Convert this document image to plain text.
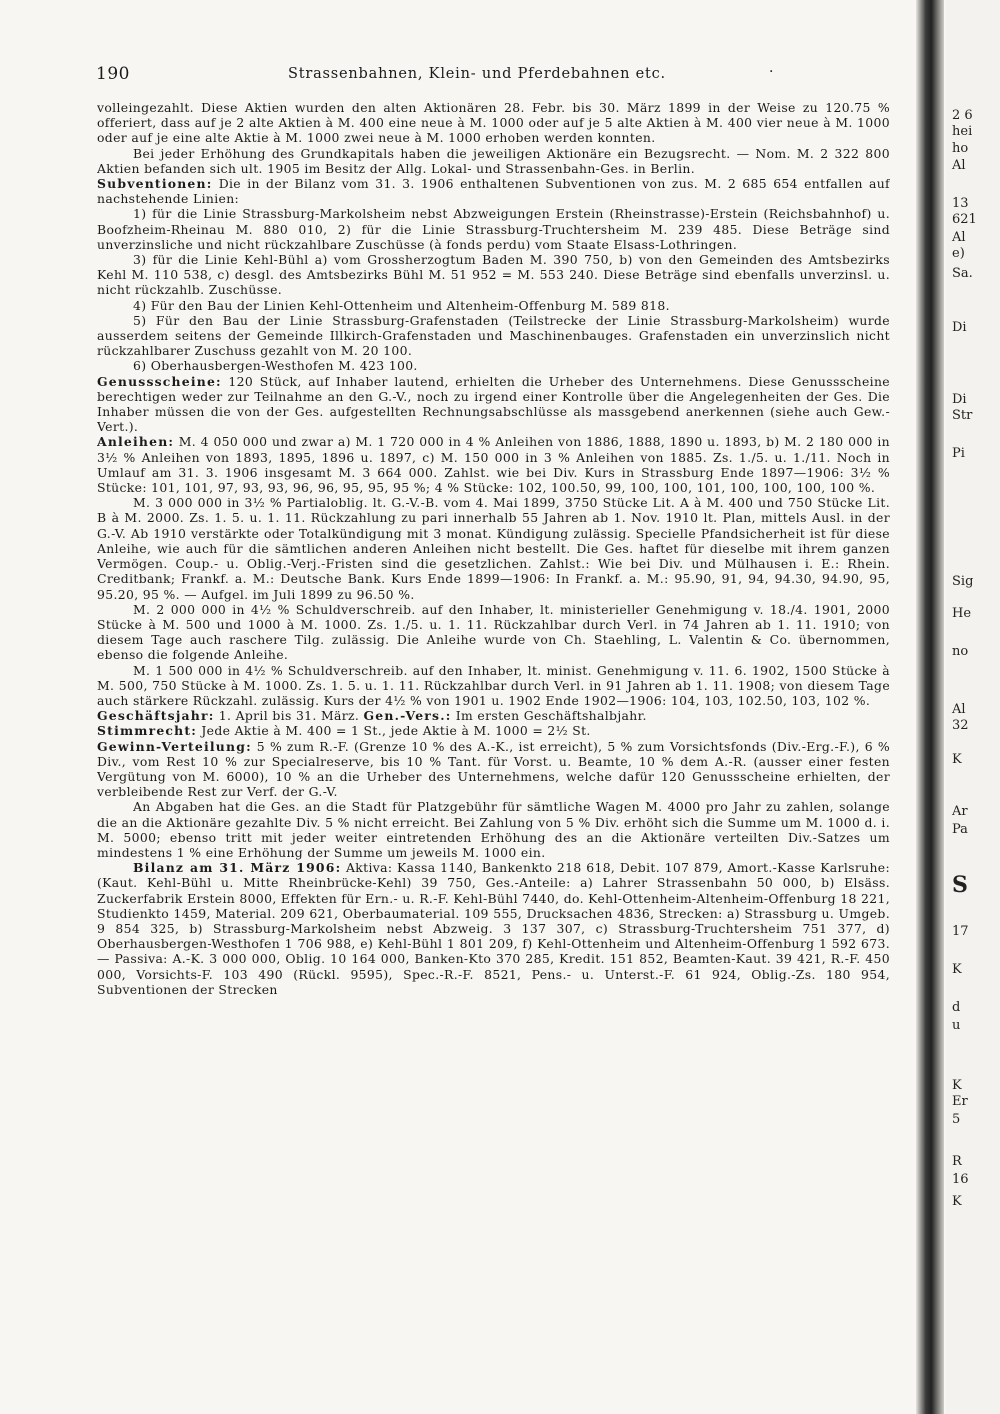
190	Strassenbahnen, Klein- und Pferdebahnen etc.	·

volleingezahlt. Diese Aktien wurden den alten Aktionären 28. Febr. bis 30. März 1899 in der Weise zu 120.75 % offeriert, dass auf je 2 alte Aktien à M. 400 eine neue à M. 1000 oder auf je 5 alte Aktien à M. 400 vier neue à M. 1000 oder auf je eine alte Aktie à M. 1000 zwei neue à M. 1000 erhoben werden konnten.

Bei jeder Erhöhung des Grundkapitals haben die jeweiligen Aktionäre ein Bezugsrecht. — Nom. M. 2 322 800 Aktien befanden sich ult. 1905 im Besitz der Allg. Lokal- und Strassenbahn-Ges. in Berlin.

Subventionen: Die in der Bilanz vom 31. 3. 1906 enthaltenen Subventionen von zus. M. 2 685 654 entfallen auf nachstehende Linien:

1) für die Linie Strassburg-Markolsheim nebst Abzweigungen Erstein (Rheinstrasse)-Erstein (Reichsbahnhof) u. Boofzheim-Rheinau M. 880 010, 2) für die Linie Strassburg-Truchtersheim M. 239 485. Diese Beträge sind unverzinsliche und nicht rückzahlbare Zuschüsse (à fonds perdu) vom Staate Elsass-Lothringen.

3) für die Linie Kehl-Bühl a) vom Grossherzogtum Baden M. 390 750, b) von den Gemeinden des Amtsbezirks Kehl M. 110 538, c) desgl. des Amtsbezirks Bühl M. 51 952 = M. 553 240. Diese Beträge sind ebenfalls unverzinsl. u. nicht rückzahlb. Zuschüsse.

4) Für den Bau der Linien Kehl-Ottenheim und Altenheim-Offenburg M. 589 818.

5) Für den Bau der Linie Strassburg-Grafenstaden (Teilstrecke der Linie Strassburg-Markolsheim) wurde ausserdem seitens der Gemeinde Illkirch-Grafenstaden und Maschinenbauges. Grafenstaden ein unverzinslich nicht rückzahlbarer Zuschuss gezahlt von M. 20 100.

6) Oberhausbergen-Westhofen M. 423 100.

Genussscheine: 120 Stück, auf Inhaber lautend, erhielten die Urheber des Unternehmens. Diese Genussscheine berechtigen weder zur Teilnahme an den G.-V., noch zu irgend einer Kontrolle über die Angelegenheiten der Ges. Die Inhaber müssen die von der Ges. aufgestellten Rechnungsabschlüsse als massgebend anerkennen (siehe auch Gew.-Vert.).

Anleihen: M. 4 050 000 und zwar a) M. 1 720 000 in 4 % Anleihen von 1886, 1888, 1890 u. 1893, b) M. 2 180 000 in 3½ % Anleihen von 1893, 1895, 1896 u. 1897, c) M. 150 000 in 3 % Anleihen von 1885. Zs. 1./5. u. 1./11. Noch in Umlauf am 31. 3. 1906 insgesamt M. 3 664 000. Zahlst. wie bei Div. Kurs in Strassburg Ende 1897—1906: 3½ % Stücke: 101, 101, 97, 93, 93, 96, 96, 95, 95, 95 %; 4 % Stücke: 102, 100.50, 99, 100, 100, 101, 100, 100, 100, 100 %.

M. 3 000 000 in 3½ % Partialoblig. lt. G.-V.-B. vom 4. Mai 1899, 3750 Stücke Lit. A à M. 400 und 750 Stücke Lit. B à M. 2000. Zs. 1. 5. u. 1. 11. Rückzahlung zu pari innerhalb 55 Jahren ab 1. Nov. 1910 lt. Plan, mittels Ausl. in der G.-V. Ab 1910 verstärkte oder Totalkündigung mit 3 monat. Kündigung zulässig. Specielle Pfandsicherheit ist für diese Anleihe, wie auch für die sämtlichen anderen Anleihen nicht bestellt. Die Ges. haftet für dieselbe mit ihrem ganzen Vermögen. Coup.- u. Oblig.-Verj.-Fristen sind die gesetzlichen. Zahlst.: Wie bei Div. und Mülhausen i. E.: Rhein. Creditbank; Frankf. a. M.: Deutsche Bank. Kurs Ende 1899—1906: In Frankf. a. M.: 95.90, 91, 94, 94.30, 94.90, 95, 95.20, 95 %. — Aufgel. im Juli 1899 zu 96.50 %.

M. 2 000 000 in 4½ % Schuldverschreib. auf den Inhaber, lt. ministerieller Genehmigung v. 18./4. 1901, 2000 Stücke à M. 500 und 1000 à M. 1000. Zs. 1./5. u. 1. 11. Rückzahlbar durch Verl. in 74 Jahren ab 1. 11. 1910; von diesem Tage auch raschere Tilg. zulässig. Die Anleihe wurde von Ch. Staehling, L. Valentin & Co. übernommen, ebenso die folgende Anleihe.

M. 1 500 000 in 4½ % Schuldverschreib. auf den Inhaber, lt. minist. Genehmigung v. 11. 6. 1902, 1500 Stücke à M. 500, 750 Stücke à M. 1000. Zs. 1. 5. u. 1. 11. Rückzahlbar durch Verl. in 91 Jahren ab 1. 11. 1908; von diesem Tage auch stärkere Rückzahl. zulässig. Kurs der 4½ % von 1901 u. 1902 Ende 1902—1906: 104, 103, 102.50, 103, 102 %.

Geschäftsjahr: 1. April bis 31. März. Gen.-Vers.: Im ersten Geschäftshalbjahr.

Stimmrecht: Jede Aktie à M. 400 = 1 St., jede Aktie à M. 1000 = 2½ St.

Gewinn-Verteilung: 5 % zum R.-F. (Grenze 10 % des A.-K., ist erreicht), 5 % zum Vorsichtsfonds (Div.-Erg.-F.), 6 % Div., vom Rest 10 % zur Specialreserve, bis 10 % Tant. für Vorst. u. Beamte, 10 % dem A.-R. (ausser einer festen Vergütung von M. 6000), 10 % an die Urheber des Unternehmens, welche dafür 120 Genussscheine erhielten, der verbleibende Rest zur Verf. der G.-V.

An Abgaben hat die Ges. an die Stadt für Platzgebühr für sämtliche Wagen M. 4000 pro Jahr zu zahlen, solange die an die Aktionäre gezahlte Div. 5 % nicht erreicht. Bei Zahlung von 5 % Div. erhöht sich die Summe um M. 1000 d. i. M. 5000; ebenso tritt mit jeder weiter eintretenden Erhöhung des an die Aktionäre verteilten Div.-Satzes um mindestens 1 % eine Erhöhung der Summe um jeweils M. 1000 ein.

Bilanz am 31. März 1906: Aktiva: Kassa 1140, Bankenkto 218 618, Debit. 107 879, Amort.-Kasse Karlsruhe: (Kaut. Kehl-Bühl u. Mitte Rheinbrücke-Kehl) 39 750, Ges.-Anteile: a) Lahrer Strassenbahn 50 000, b) Elsäss. Zuckerfabrik Erstein 8000, Effekten für Ern.- u. R.-F. Kehl-Bühl 7440, do. Kehl-Ottenheim-Altenheim-Offenburg 18 221, Studienkto 1459, Material. 209 621, Oberbaumaterial. 109 555, Drucksachen 4836, Strecken: a) Strassburg u. Umgeb. 9 854 325, b) Strassburg-Markolsheim nebst Abzweig. 3 137 307, c) Strassburg-Truchtersheim 751 377, d) Oberhausbergen-Westhofen 1 706 988, e) Kehl-Bühl 1 801 209, f) Kehl-Ottenheim und Altenheim-Offenburg 1 592 673. — Passiva: A.-K. 3 000 000, Oblig. 10 164 000, Banken-Kto 370 285, Kredit. 151 852, Beamten-Kaut. 39 421, R.-F. 450 000, Vorsichts-F. 103 490 (Rückl. 9595), Spec.-R.-F. 8521, Pens.- u. Unterst.-F. 61 924, Oblig.-Zs. 180 954, Subventionen der Strecken

2 6
hei
ho
Al
13
621
Al
e)
Sa.
Di
Di
Str
Pi
Sig
He
no
Al
32
K
Ar
Pa
S
17
K
d
u
K
Er
5
R
16
K
